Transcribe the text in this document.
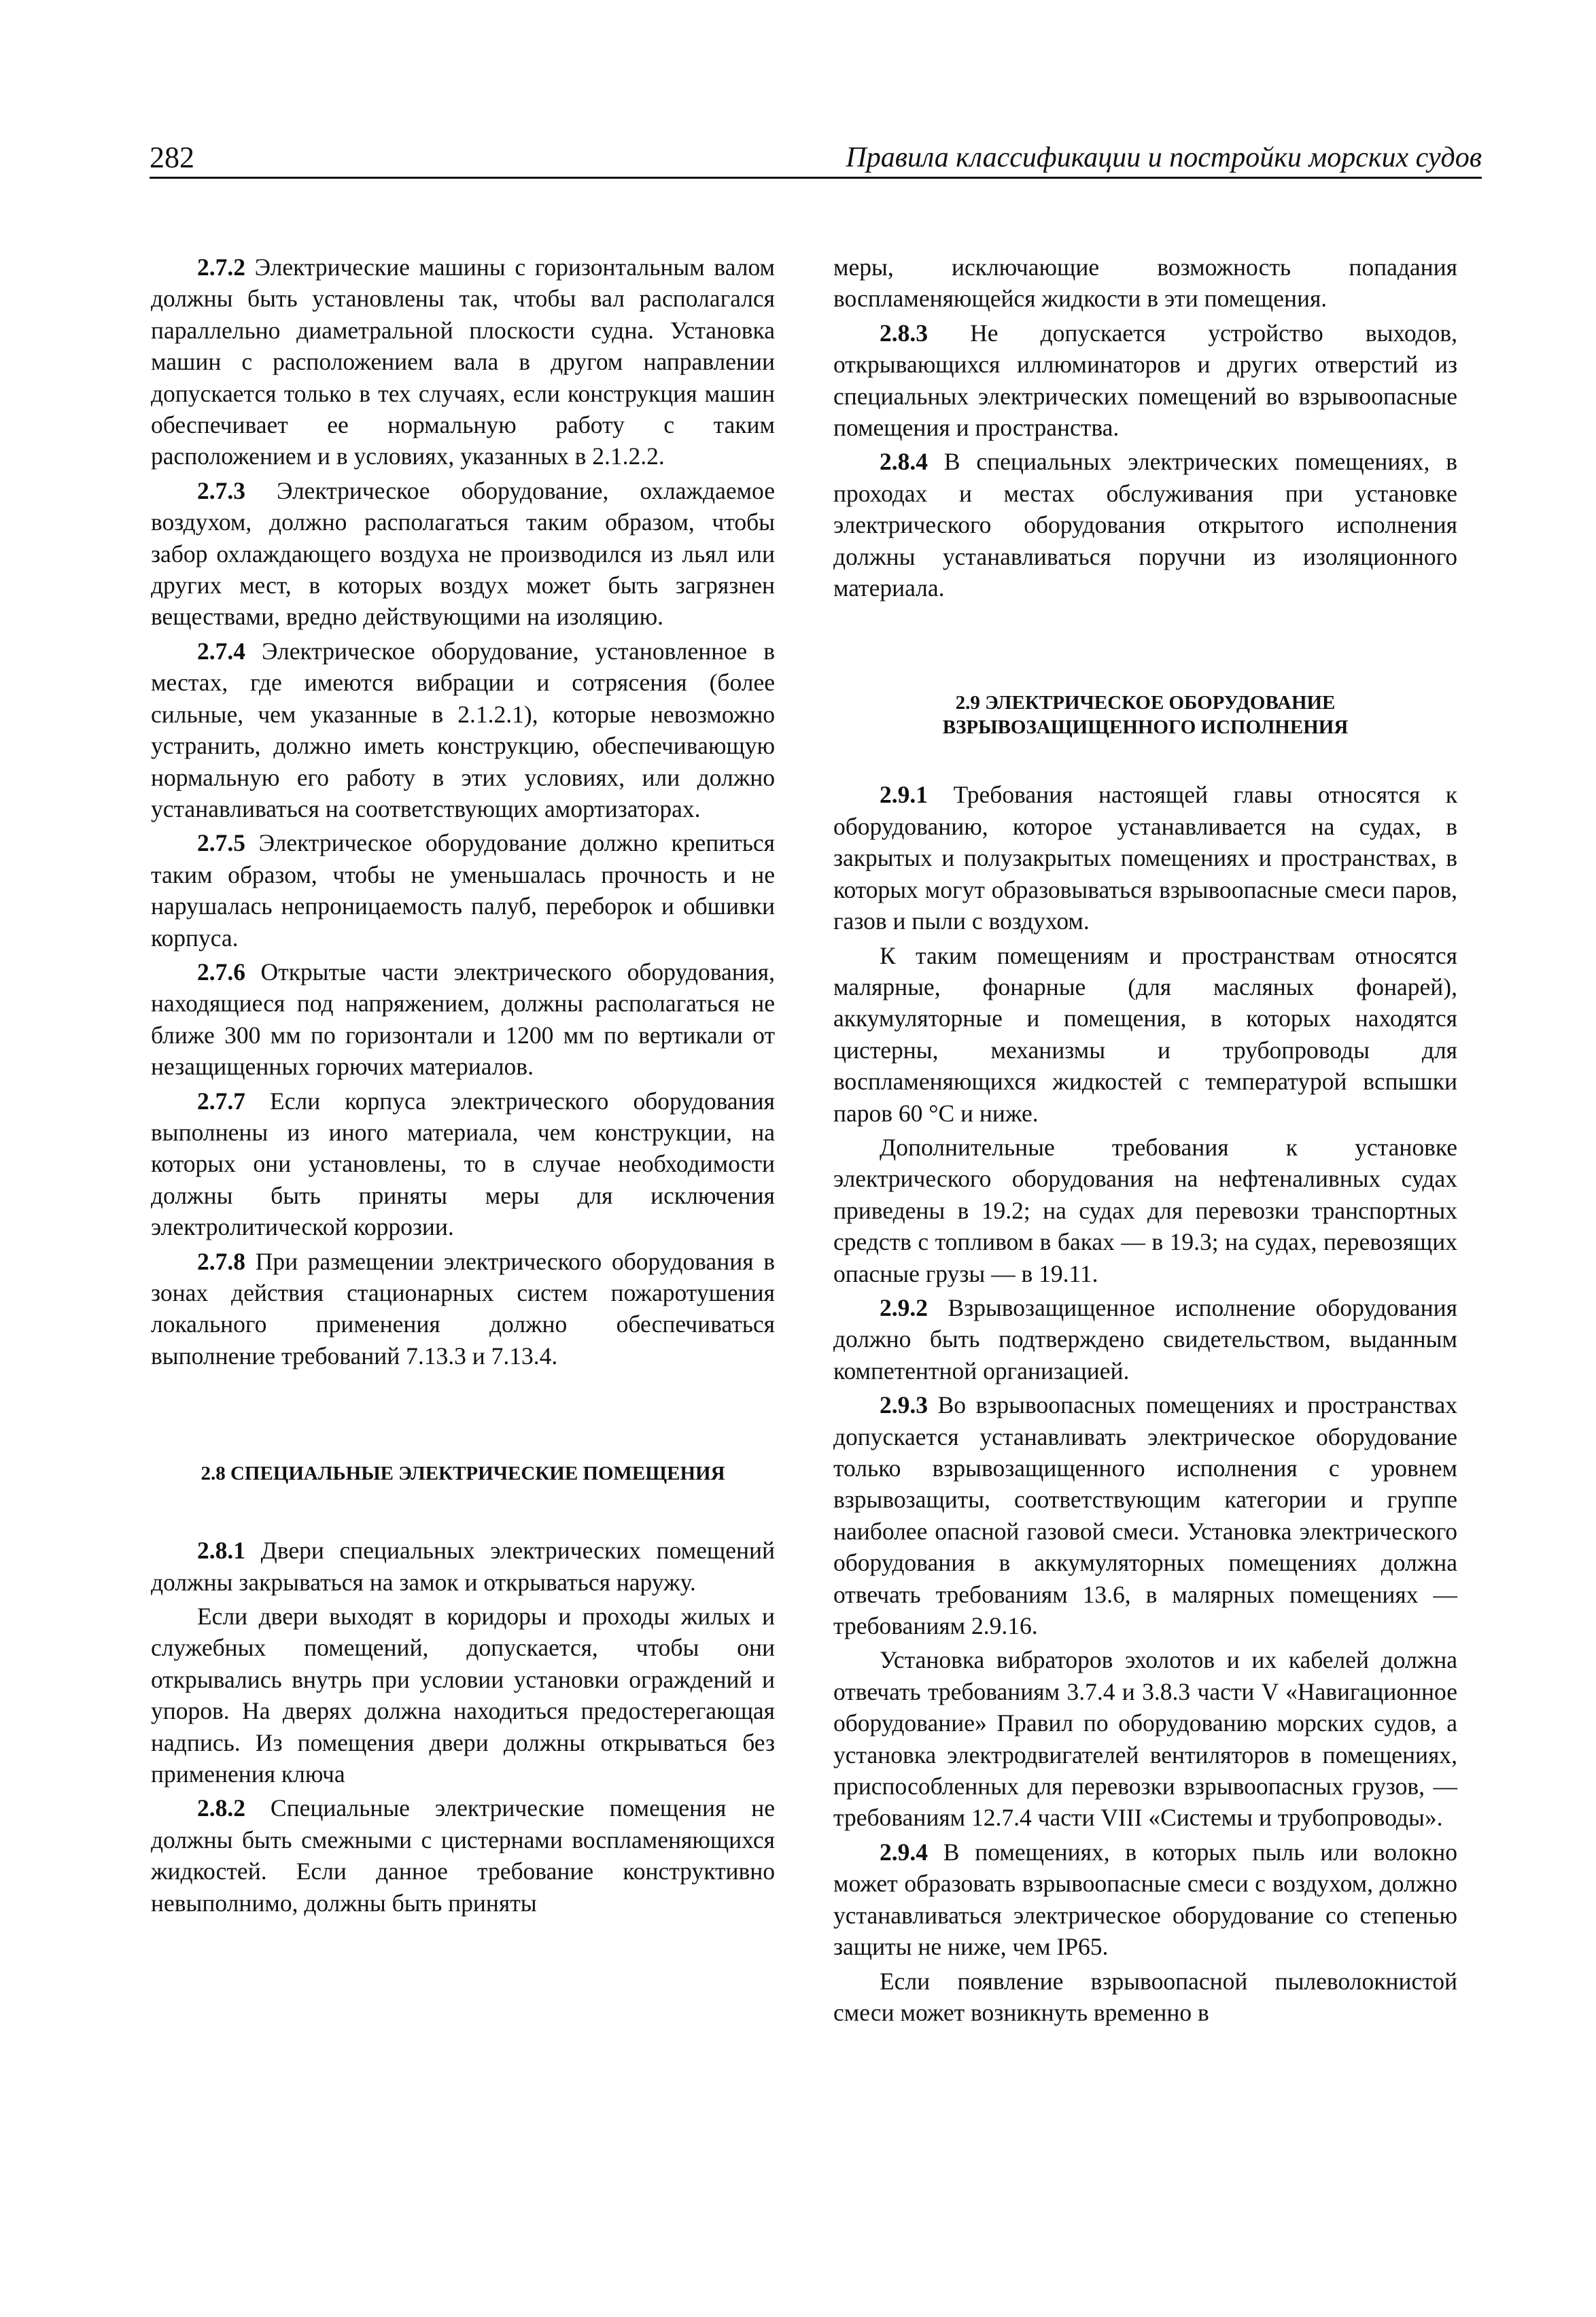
282	Правила классификации и постройки морских судов

2.7.2 Электрические машины с горизонтальным валом должны быть установлены так, чтобы вал располагался параллельно диаметральной плоскости судна. Установка машин с расположением вала в другом направлении допускается только в тех случаях, если конструкция машин обеспечивает ее нормальную работу с таким расположением и в условиях, указанных в 2.1.2.2.

2.7.3 Электрическое оборудование, охлаждаемое воздухом, должно располагаться таким образом, чтобы забор охлаждающего воздуха не производился из льял или других мест, в которых воздух может быть загрязнен веществами, вредно действующими на изоляцию.

2.7.4 Электрическое оборудование, установленное в местах, где имеются вибрации и сотрясения (более сильные, чем указанные в 2.1.2.1), которые невозможно устранить, должно иметь конструкцию, обеспечивающую нормальную его работу в этих условиях, или должно устанавливаться на соответствующих амортизаторах.

2.7.5 Электрическое оборудование должно крепиться таким образом, чтобы не уменьшалась прочность и не нарушалась непроницаемость палуб, переборок и обшивки корпуса.

2.7.6 Открытые части электрического оборудования, находящиеся под напряжением, должны располагаться не ближе 300 мм по горизонтали и 1200 мм по вертикали от незащищенных горючих материалов.

2.7.7 Если корпуса электрического оборудования выполнены из иного материала, чем конструкции, на которых они установлены, то в случае необходимости должны быть приняты меры для исключения электролитической коррозии.

2.7.8 При размещении электрического оборудования в зонах действия стационарных систем пожаротушения локального применения должно обеспечиваться выполнение требований 7.13.3 и 7.13.4.

2.8 СПЕЦИАЛЬНЫЕ ЭЛЕКТРИЧЕСКИЕ ПОМЕЩЕНИЯ

2.8.1 Двери специальных электрических помещений должны закрываться на замок и открываться наружу.

Если двери выходят в коридоры и проходы жилых и служебных помещений, допускается, чтобы они открывались внутрь при условии установки ограждений и упоров. На дверях должна находиться предостерегающая надпись. Из помещения двери должны открываться без применения ключа

2.8.2 Специальные электрические помещения не должны быть смежными с цистернами воспламеняющихся жидкостей. Если данное требование конструктивно невыполнимо, должны быть приняты

меры, исключающие возможность попадания воспламеняющейся жидкости в эти помещения.

2.8.3 Не допускается устройство выходов, открывающихся иллюминаторов и других отверстий из специальных электрических помещений во взрывоопасные помещения и пространства.

2.8.4 В специальных электрических помещениях, в проходах и местах обслуживания при установке электрического оборудования открытого исполнения должны устанавливаться поручни из изоляционного материала.

2.9 ЭЛЕКТРИЧЕСКОЕ ОБОРУДОВАНИЕ
ВЗРЫВОЗАЩИЩЕННОГО ИСПОЛНЕНИЯ

2.9.1 Требования настоящей главы относятся к оборудованию, которое устанавливается на судах, в закрытых и полузакрытых помещениях и пространствах, в которых могут образовываться взрывоопасные смеси паров, газов и пыли с воздухом.

К таким помещениям и пространствам относятся малярные, фонарные (для масляных фонарей), аккумуляторные и помещения, в которых находятся цистерны, механизмы и трубопроводы для воспламеняющихся жидкостей с температурой вспышки паров 60 °С и ниже.

Дополнительные требования к установке электрического оборудования на нефтеналивных судах приведены в 19.2; на судах для перевозки транспортных средств с топливом в баках — в 19.3; на судах, перевозящих опасные грузы — в 19.11.

2.9.2 Взрывозащищенное исполнение оборудования должно быть подтверждено свидетельством, выданным компетентной организацией.

2.9.3 Во взрывоопасных помещениях и пространствах допускается устанавливать электрическое оборудование только взрывозащищенного исполнения с уровнем взрывозащиты, соответствующим категории и группе наиболее опасной газовой смеси. Установка электрического оборудования в аккумуляторных помещениях должна отвечать требованиям 13.6, в малярных помещениях — требованиям 2.9.16.

Установка вибраторов эхолотов и их кабелей должна отвечать требованиям 3.7.4 и 3.8.3 части V «Навигационное оборудование» Правил по оборудованию морских судов, а установка электродвигателей вентиляторов в помещениях, приспособленных для перевозки взрывоопасных грузов, — требованиям 12.7.4 части VIII «Системы и трубопроводы».

2.9.4 В помещениях, в которых пыль или волокно может образовать взрывоопасные смеси с воздухом, должно устанавливаться электрическое оборудование со степенью защиты не ниже, чем IP65.

Если появление взрывоопасной пылеволокнистой смеси может возникнуть временно в
